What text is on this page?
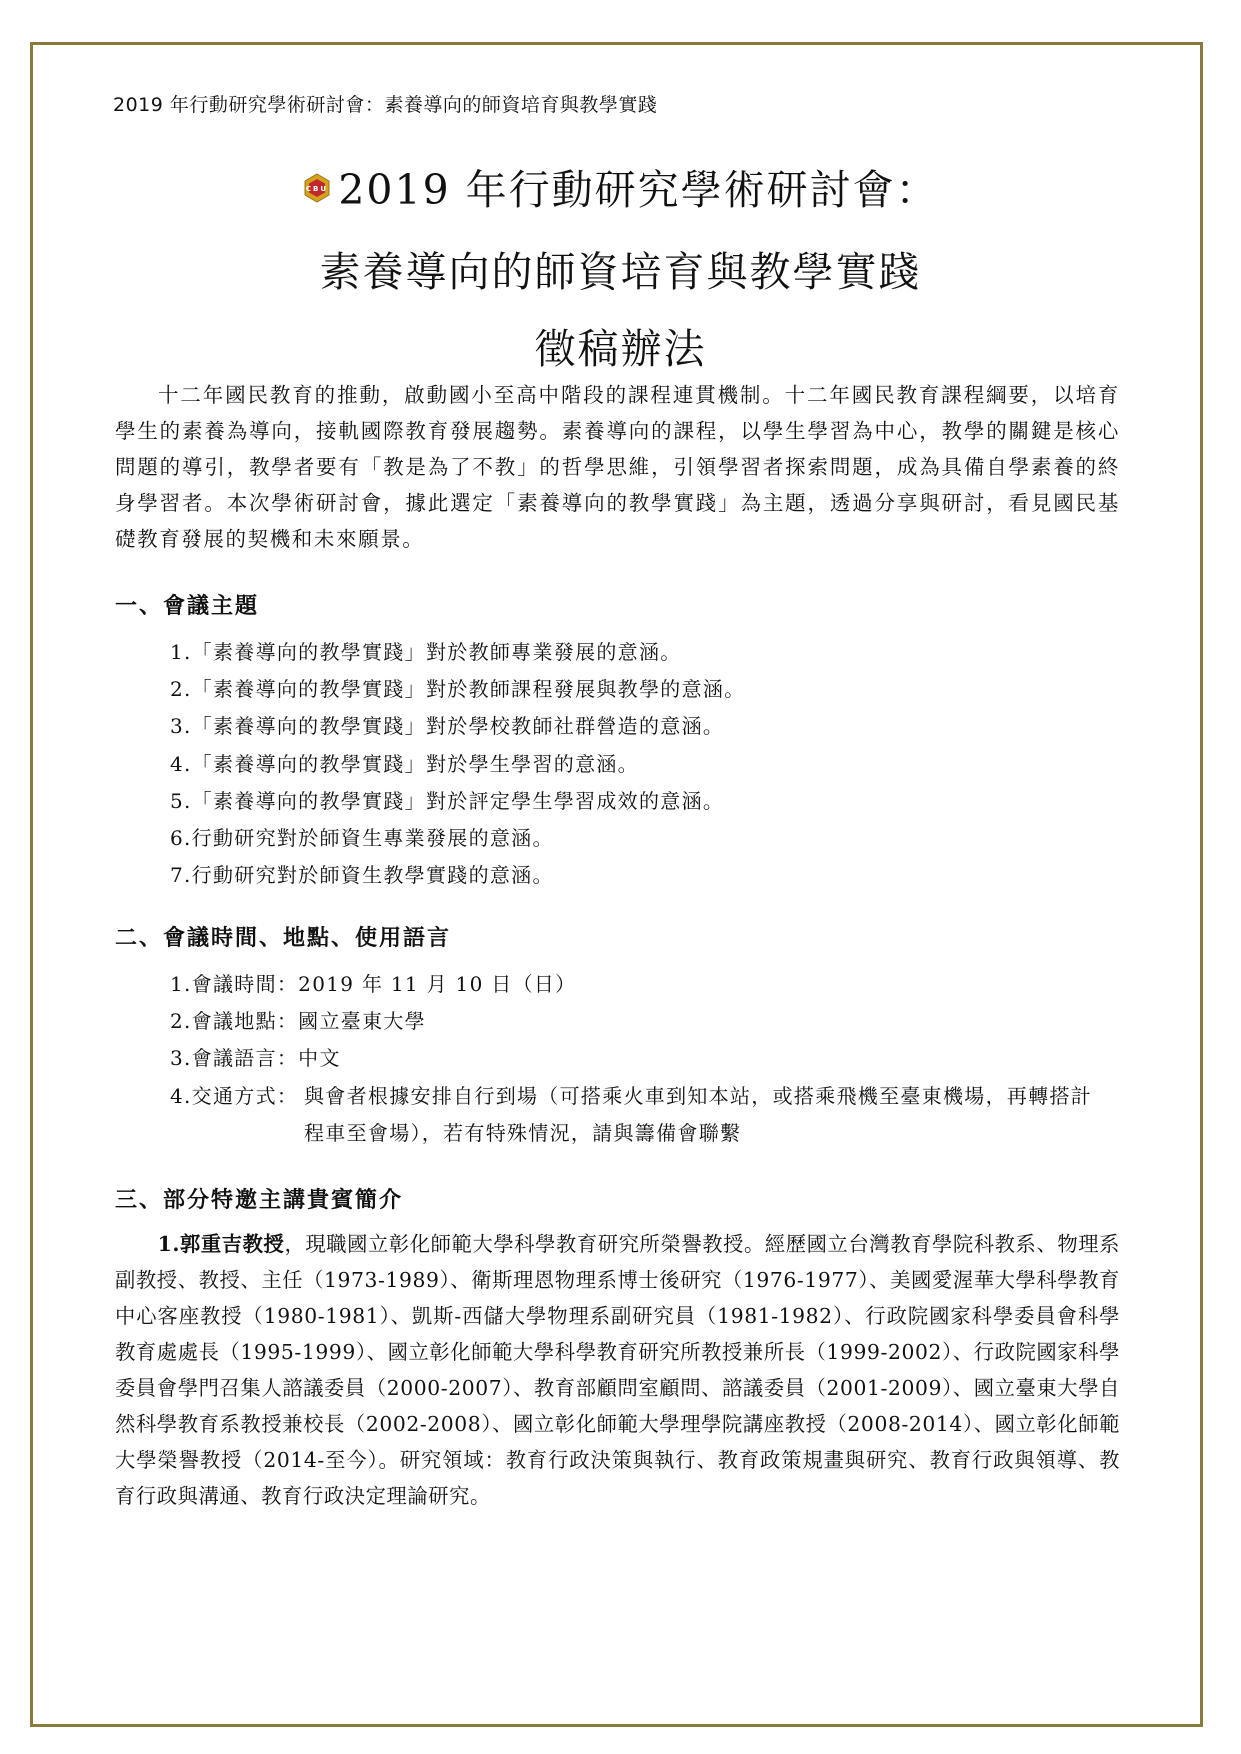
2019 年行動研究學術研討會：素養導向的師資培育與教學實踐
CBU 2019 年行動研究學術研討會：
素養導向的師資培育與教學實踐
徵稿辦法
十二年國民教育的推動，啟動國小至高中階段的課程連貫機制。十二年國民教育課程綱要，以培育學生的素養為導向，接軌國際教育發展趨勢。素養導向的課程，以學生學習為中心，教學的關鍵是核心問題的導引，教學者要有「教是為了不教」的哲學思維，引領學習者探索問題，成為具備自學素養的終身學習者。本次學術研討會，據此選定「素養導向的教學實踐」為主題，透過分享與研討，看見國民基礎教育發展的契機和未來願景。
一、會議主題
1.「素養導向的教學實踐」對於教師專業發展的意涵。
2.「素養導向的教學實踐」對於教師課程發展與教學的意涵。
3.「素養導向的教學實踐」對於學校教師社群營造的意涵。
4.「素養導向的教學實踐」對於學生學習的意涵。
5.「素養導向的教學實踐」對於評定學生學習成效的意涵。
6.行動研究對於師資生專業發展的意涵。
7.行動研究對於師資生教學實踐的意涵。
二、會議時間、地點、使用語言
1.會議時間：2019 年 11 月 10 日（日）
2.會議地點：國立臺東大學
3.會議語言：中文
4.交通方式： 與會者根據安排自行到場（可搭乘火車到知本站，或搭乘飛機至臺東機場，再轉搭計程車至會場），若有特殊情況，請與籌備會聯繫
三、部分特邀主講貴賓簡介
1.郭重吉教授，現職國立彰化師範大學科學教育研究所榮譽教授。經歷國立台灣教育學院科教系、物理系副教授、教授、主任（1973-1989）、衛斯理恩物理系博士後研究（1976-1977）、美國愛渥華大學科學教育中心客座教授（1980-1981）、凱斯-西儲大學物理系副研究員（1981-1982）、行政院國家科學委員會科學教育處處長（1995-1999）、國立彰化師範大學科學教育研究所教授兼所長（1999-2002）、行政院國家科學委員會學門召集人諮議委員（2000-2007）、教育部顧問室顧問、諮議委員（2001-2009）、國立臺東大學自然科學教育系教授兼校長（2002-2008）、國立彰化師範大學理學院講座教授（2008-2014）、國立彰化師範大學榮譽教授（2014-至今）。研究領域：教育行政決策與執行、教育政策規畫與研究、教育行政與領導、教育行政與溝通、教育行政決定理論研究。
